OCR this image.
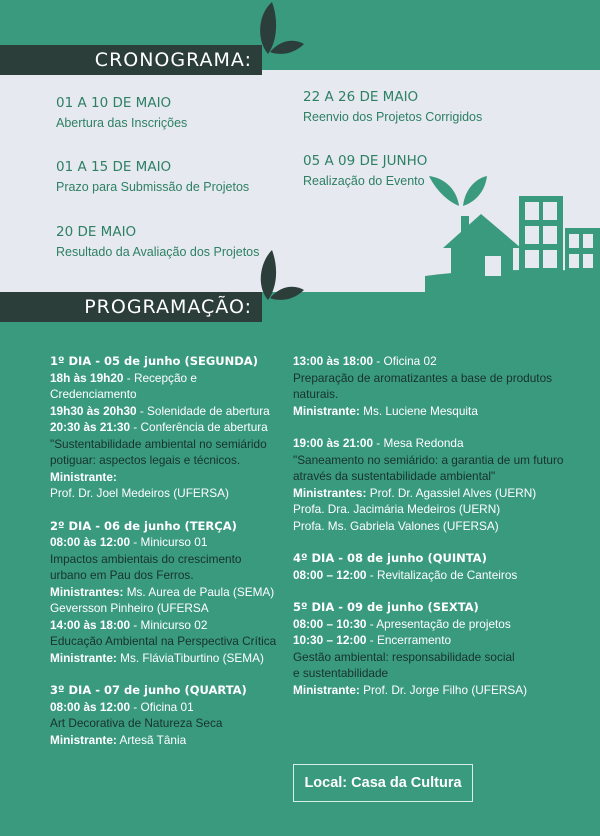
CRONOGRAMA:
01 A 10 DE MAIO
Abertura das Inscrições
01 A 15 DE MAIO
Prazo para Submissão de Projetos
20 DE MAIO
Resultado da Avaliação dos Projetos
22 A 26 DE MAIO
Reenvio dos Projetos Corrigidos
05 A 09 DE JUNHO
Realização do Evento
PROGRAMAÇÃO:
1º DIA - 05 de junho (SEGUNDA)
18h às 19h20 - Recepção e Credenciamento
19h30 às 20h30 - Solenidade de abertura
20:30 às 21:30 - Conferência de abertura
"Sustentabilidade ambiental no semiárido
potiguar: aspectos legais e técnicos.
Ministrante:
Prof. Dr. Joel Medeiros (UFERSA)
2º DIA - 06 de junho (TERÇA)
08:00 às 12:00 - Minicurso 01
Impactos ambientais do crescimento
urbano em Pau dos Ferros.
Ministrantes: Ms. Aurea de Paula (SEMA)
Geversson Pinheiro (UFERSA
14:00 às 18:00 - Minicurso 02
Educação Ambiental na Perspectiva Crítica
Ministrante: Ms. FláviaTiburtino (SEMA)
3º DIA - 07 de junho (QUARTA)
08:00 às 12:00 - Oficina 01
Art Decorativa de Natureza Seca
Ministrante: Artesã Tânia
13:00 às 18:00 - Oficina 02
Preparação de aromatizantes a base de produtos
naturais.
Ministrante: Ms. Luciene Mesquita
19:00 às 21:00 - Mesa Redonda
"Saneamento no semiárido: a garantia de um futuro
através da sustentabilidade ambiental"
Ministrantes: Prof. Dr. Agassiel Alves (UERN)
Profa. Dra. Jacimária Medeiros (UERN)
Profa. Ms. Gabriela Valones (UFERSA)
4º DIA - 08 de junho (QUINTA)
08:00 – 12:00 - Revitalização de Canteiros
5º DIA - 09 de junho (SEXTA)
08:00 – 10:30 - Apresentação de projetos
10:30 – 12:00 - Encerramento
Gestão ambiental: responsabilidade social
e sustentabilidade
Ministrante: Prof. Dr. Jorge Filho (UFERSA)
Local: Casa da Cultura
